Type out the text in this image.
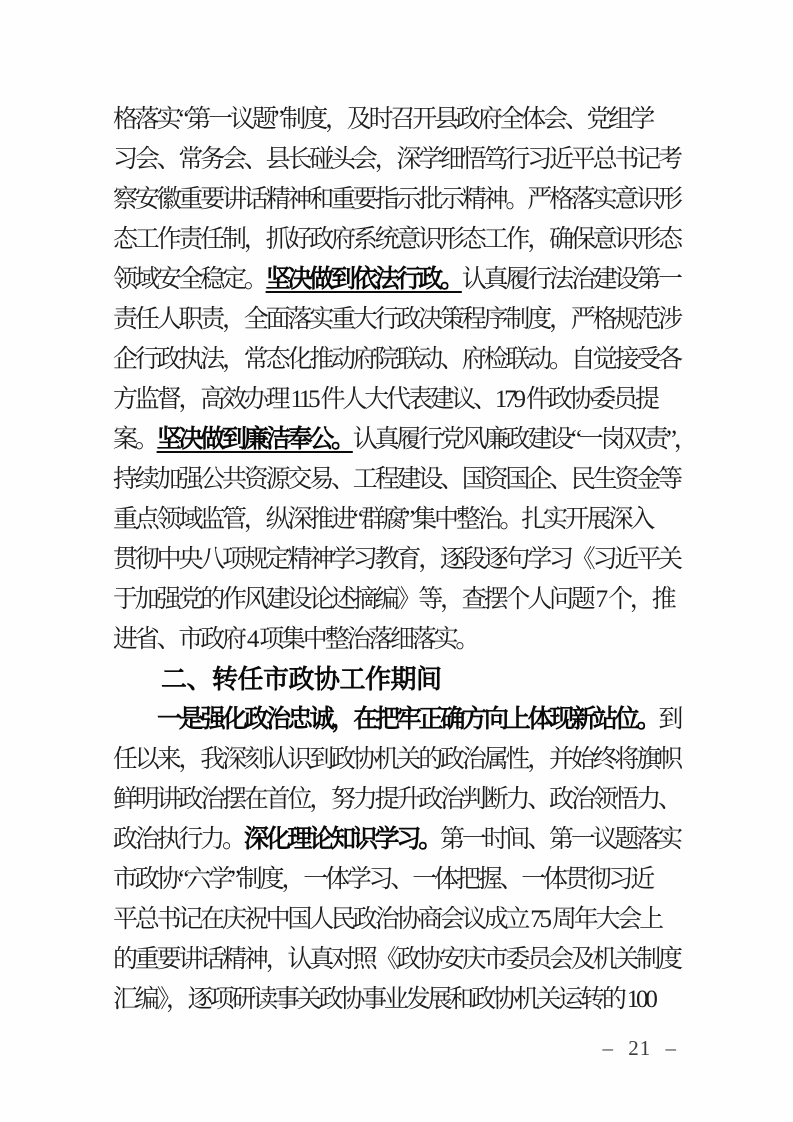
格落实“第一议题”制度，及时召开县政府全体会、党组学
习会、常务会、县长碰头会，深学细悟笃行习近平总书记考
察安徽重要讲话精神和重要指示批示精神。严格落实意识形
态工作责任制，抓好政府系统意识形态工作，确保意识形态
领域安全稳定。坚决做到依法行政。认真履行法治建设第一
责任人职责，全面落实重大行政决策程序制度，严格规范涉
企行政执法，常态化推动府院联动、府检联动。自觉接受各
方监督，高效办理 115 件人大代表建议、179 件政协委员提
案。坚决做到廉洁奉公。认真履行党风廉政建设“一岗双责”，
持续加强公共资源交易、工程建设、国资国企、民生资金等
重点领域监管，纵深推进“群腐”集中整治。扎实开展深入
贯彻中央八项规定精神学习教育，逐段逐句学习《习近平关
于加强党的作风建设论述摘编》等，查摆个人问题 7 个，推
进省、市政府 4 项集中整治落细落实。
二、转任市政协工作期间
一是强化政治忠诚，在把牢正确方向上体现新站位。到
任以来，我深刻认识到政协机关的政治属性，并始终将旗帜
鲜明讲政治摆在首位，努力提升政治判断力、政治领悟力、
政治执行力。深化理论知识学习。第一时间、第一议题落实
市政协“六学”制度，一体学习、一体把握、一体贯彻习近
平总书记在庆祝中国人民政治协商会议成立 75 周年大会上
的重要讲话精神，认真对照《政协安庆市委员会及机关制度
汇编》，逐项研读事关政协事业发展和政协机关运转的 100
– 21 –
